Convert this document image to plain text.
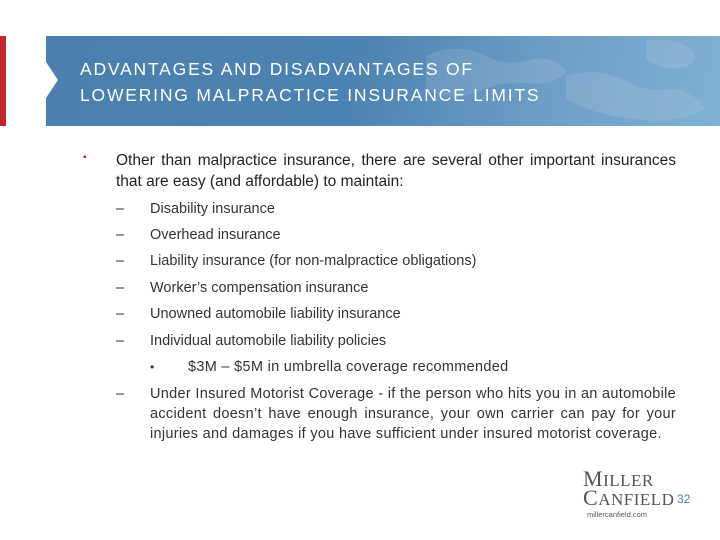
ADVANTAGES AND DISADVANTAGES OF
LOWERING MALPRACTICE INSURANCE LIMITS
▪ Other than malpractice insurance, there are several other important insurances that are easy (and affordable) to maintain:
– Disability insurance
– Overhead insurance
– Liability insurance (for non-malpractice obligations)
– Worker’s compensation insurance
– Unowned automobile liability insurance
– Individual automobile liability policies
• $3M – $5M in umbrella coverage recommended
– Under Insured Motorist Coverage - if the person who hits you in an automobile accident doesn’t have enough insurance, your own carrier can pay for your injuries and damages if you have sufficient under insured motorist coverage.
MILLER
CANFIELD
millercanfield.com
32
